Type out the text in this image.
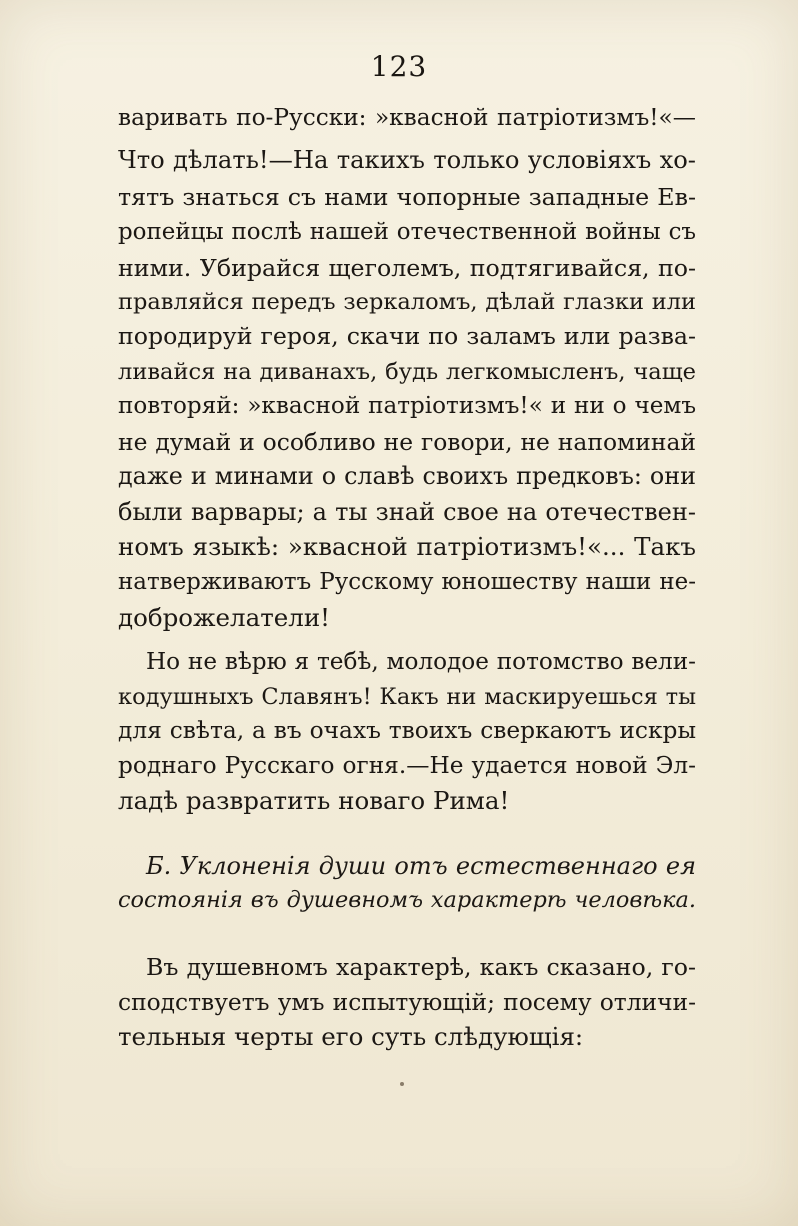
123
варивать по-Русски: »квасной патріотизмъ!«—
Что дѣлать!—На такихъ только условіяхъ хо-
тятъ знаться съ нами чопорные западные Ев-
ропейцы послѣ нашей отечественной войны съ
ними. Убирайся щеголемъ, подтягивайся, по-
правляйся передъ зеркаломъ, дѣлай глазки или
породируй героя, скачи по заламъ или разва-
ливайся на диванахъ, будь легкомысленъ, чаще
повторяй: »квасной патріотизмъ!« и ни о чемъ
не думай и особливо не говори, не напоминай
даже и минами о славѣ своихъ предковъ: они
были варвары; а ты знай свое на отечествен-
номъ языкѣ: »квасной патріотизмъ!«... Такъ
натверживаютъ Русскому юношеству наши не-
доброжелатели!
Но не вѣрю я тебѣ, молодое потомство вели-
кодушныхъ Славянъ! Какъ ни маскируешься ты
для свѣта, а въ очахъ твоихъ сверкаютъ искры
роднаго Русскаго огня.—Не удается новой Эл-
ладѣ развратить новаго Рима!
Б. Уклоненія души отъ естественнаго ея
состоянія въ душевномъ характерѣ человѣка.
Въ душевномъ характерѣ, какъ сказано, го-
сподствуетъ умъ испытующій; посему отличи-
тельныя черты его суть слѣдующія:
